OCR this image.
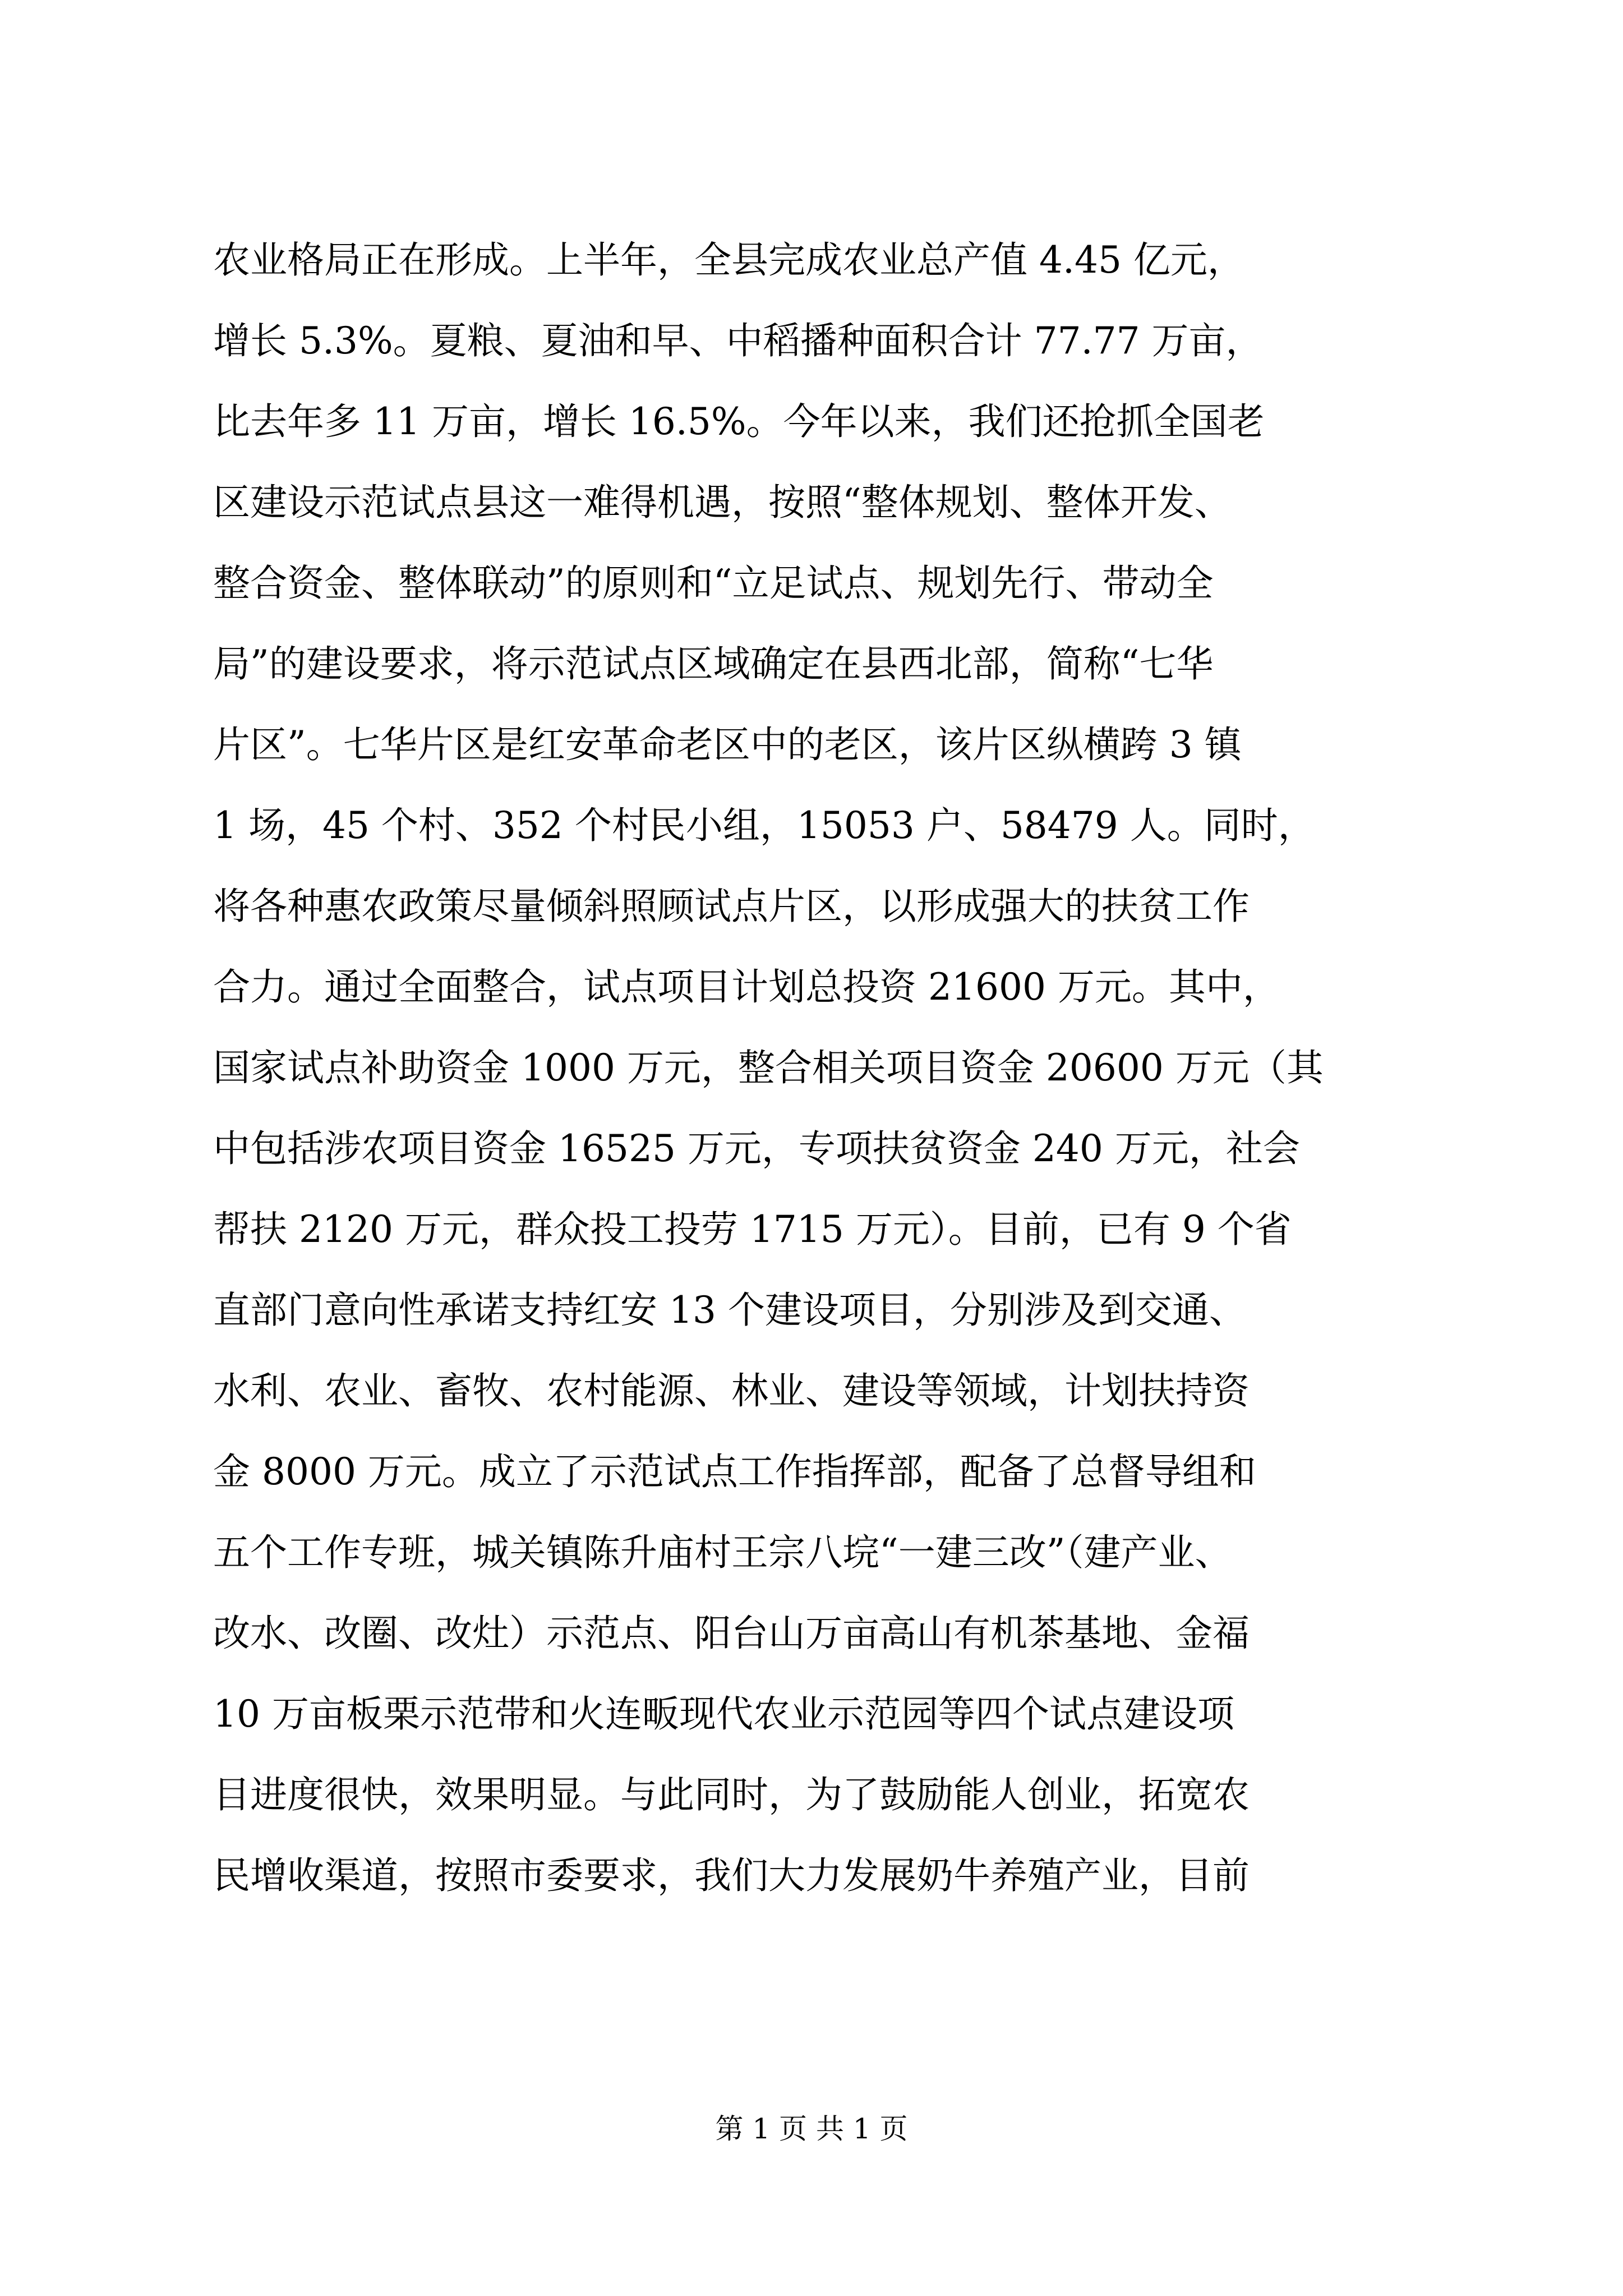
农业格局正在形成。上半年，全县完成农业总产值 4.45 亿元，
增长 5.3%。夏粮、夏油和早、中稻播种面积合计 77.77 万亩，
比去年多 11 万亩，增长 16.5%。今年以来，我们还抢抓全国老
区建设示范试点县这一难得机遇，按照“整体规划、整体开发、
整合资金、整体联动”的原则和“立足试点、规划先行、带动全
局”的建设要求，将示范试点区域确定在县西北部，简称“七华
片区”。七华片区是红安革命老区中的老区，该片区纵横跨 3 镇
1 场，45 个村、352 个村民小组，15053 户、58479 人。同时，
将各种惠农政策尽量倾斜照顾试点片区，以形成强大的扶贫工作
合力。通过全面整合，试点项目计划总投资 21600 万元。其中，
国家试点补助资金 1000 万元，整合相关项目资金 20600 万元（其
中包括涉农项目资金 16525 万元，专项扶贫资金 240 万元，社会
帮扶 2120 万元，群众投工投劳 1715 万元）。目前，已有 9 个省
直部门意向性承诺支持红安 13 个建设项目，分别涉及到交通、
水利、农业、畜牧、农村能源、林业、建设等领域，计划扶持资
金 8000 万元。成立了示范试点工作指挥部，配备了总督导组和
五个工作专班，城关镇陈升庙村王宗八垸“一建三改”（建产业、
改水、改圈、改灶）示范点、阳台山万亩高山有机茶基地、金福
10 万亩板栗示范带和火连畈现代农业示范园等四个试点建设项
目进度很快，效果明显。与此同时，为了鼓励能人创业，拓宽农
民增收渠道，按照市委要求，我们大力发展奶牛养殖产业，目前
第 1 页 共 1 页
